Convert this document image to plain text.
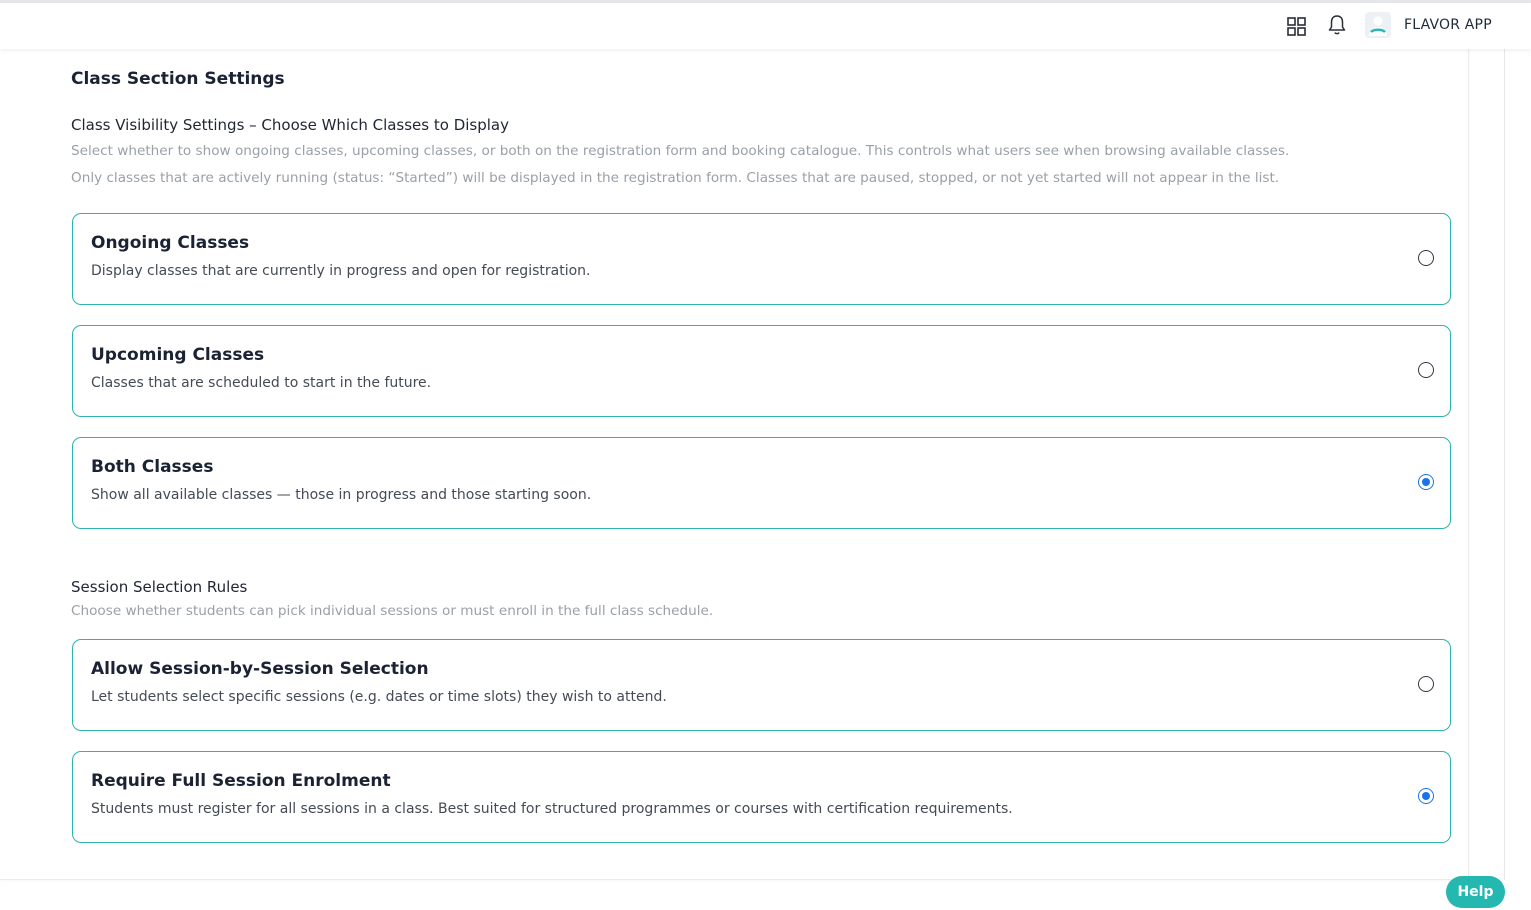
FLAVOR APP
Class Section Settings
Class Visibility Settings – Choose Which Classes to Display
Select whether to show ongoing classes, upcoming classes, or both on the registration form and booking catalogue. This controls what users see when browsing available classes.
Only classes that are actively running (status: “Started”) will be displayed in the registration form. Classes that are paused, stopped, or not yet started will not appear in the list.
Ongoing Classes
Display classes that are currently in progress and open for registration.
Upcoming Classes
Classes that are scheduled to start in the future.
Both Classes
Show all available classes — those in progress and those starting soon.
Session Selection Rules
Choose whether students can pick individual sessions or must enroll in the full class schedule.
Allow Session-by-Session Selection
Let students select specific sessions (e.g. dates or time slots) they wish to attend.
Require Full Session Enrolment
Students must register for all sessions in a class. Best suited for structured programmes or courses with certification requirements.
Help
